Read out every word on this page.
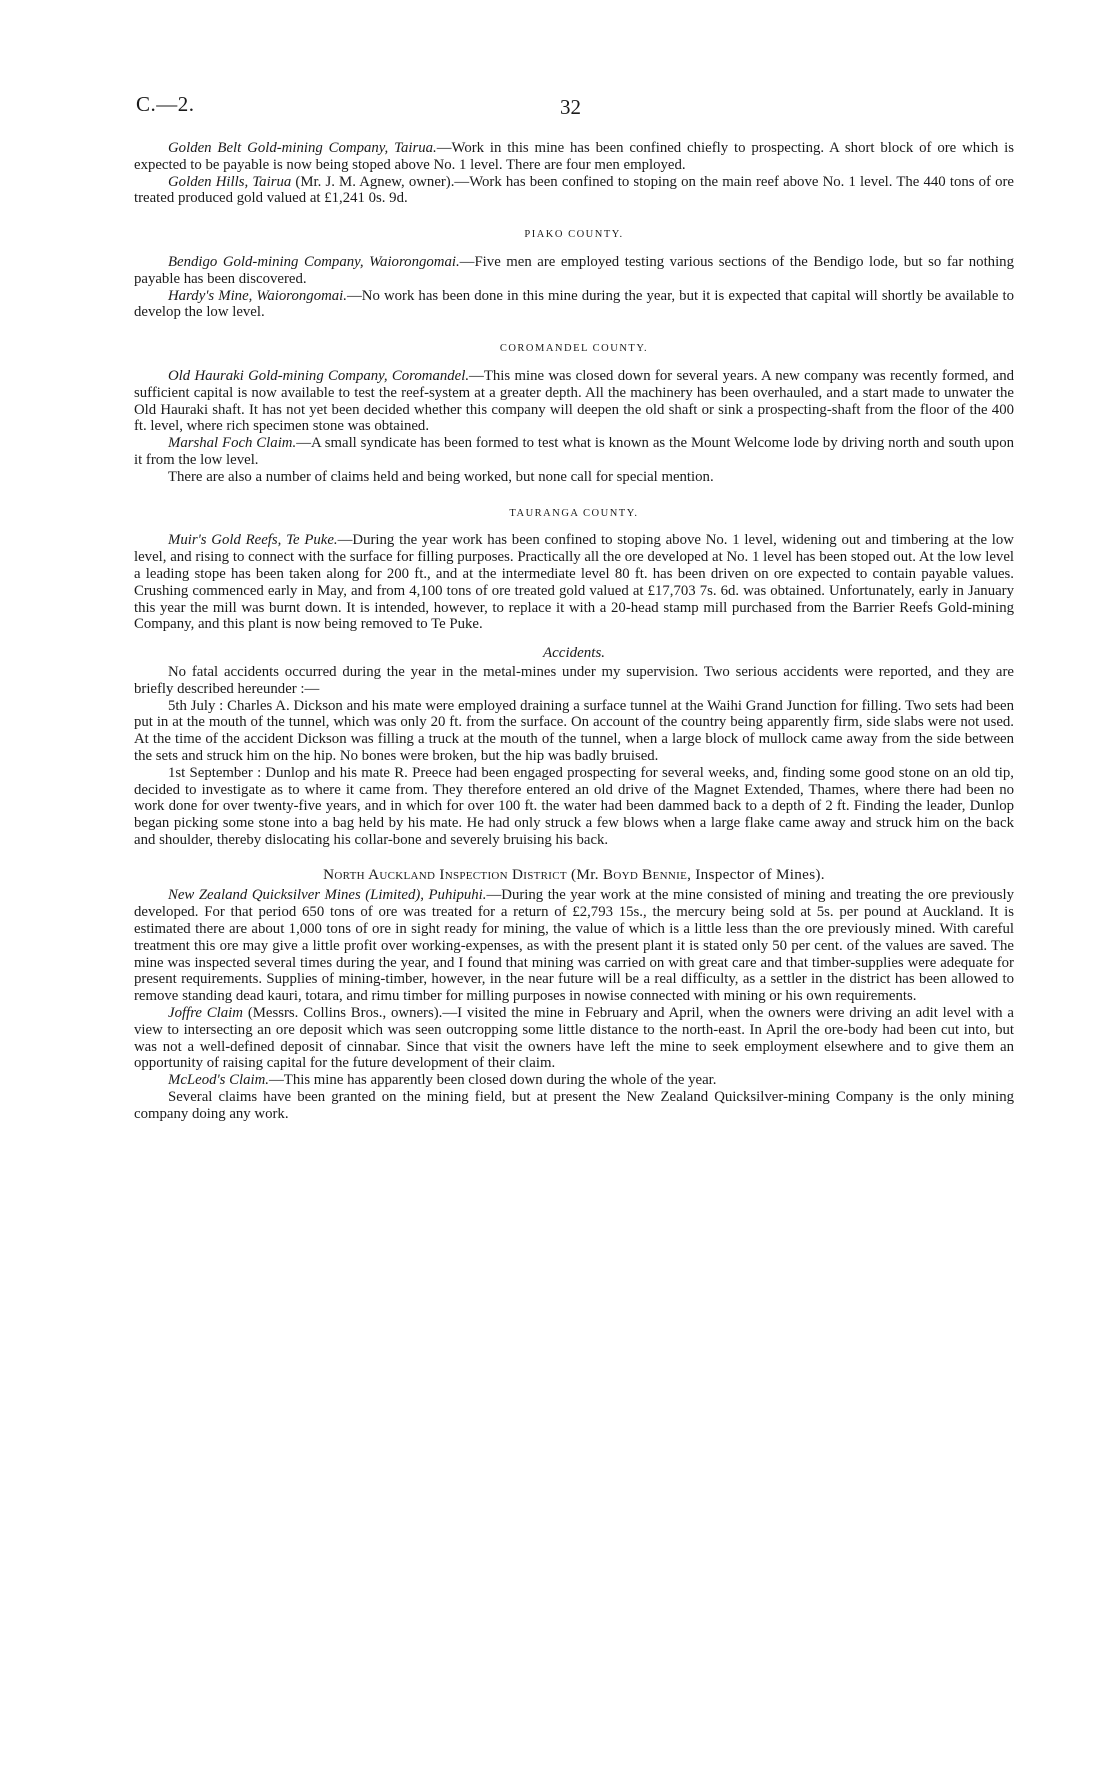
C.—2.	32

Golden Belt Gold-mining Company, Tairua.—Work in this mine has been confined chiefly to prospecting. A short block of ore which is expected to be payable is now being stoped above No. 1 level. There are four men employed.

Golden Hills, Tairua (Mr. J. M. Agnew, owner).—Work has been confined to stoping on the main reef above No. 1 level. The 440 tons of ore treated produced gold valued at £1,241 0s. 9d.

PIAKO COUNTY.

Bendigo Gold-mining Company, Waiorongomai.—Five men are employed testing various sections of the Bendigo lode, but so far nothing payable has been discovered.

Hardy's Mine, Waiorongomai.—No work has been done in this mine during the year, but it is expected that capital will shortly be available to develop the low level.

COROMANDEL COUNTY.

Old Hauraki Gold-mining Company, Coromandel.—This mine was closed down for several years. A new company was recently formed, and sufficient capital is now available to test the reef-system at a greater depth. All the machinery has been overhauled, and a start made to unwater the Old Hauraki shaft. It has not yet been decided whether this company will deepen the old shaft or sink a prospecting-shaft from the floor of the 400 ft. level, where rich specimen stone was obtained.

Marshal Foch Claim.—A small syndicate has been formed to test what is known as the Mount Welcome lode by driving north and south upon it from the low level.

There are also a number of claims held and being worked, but none call for special mention.

TAURANGA COUNTY.

Muir's Gold Reefs, Te Puke.—During the year work has been confined to stoping above No. 1 level, widening out and timbering at the low level, and rising to connect with the surface for filling purposes. Practically all the ore developed at No. 1 level has been stoped out. At the low level a leading stope has been taken along for 200 ft., and at the intermediate level 80 ft. has been driven on ore expected to contain payable values. Crushing commenced early in May, and from 4,100 tons of ore treated gold valued at £17,703 7s. 6d. was obtained. Unfortunately, early in January this year the mill was burnt down. It is intended, however, to replace it with a 20-head stamp mill purchased from the Barrier Reefs Gold-mining Company, and this plant is now being removed to Te Puke.

Accidents.

No fatal accidents occurred during the year in the metal-mines under my supervision. Two serious accidents were reported, and they are briefly described hereunder :—

5th July : Charles A. Dickson and his mate were employed draining a surface tunnel at the Waihi Grand Junction for filling. Two sets had been put in at the mouth of the tunnel, which was only 20 ft. from the surface. On account of the country being apparently firm, side slabs were not used. At the time of the accident Dickson was filling a truck at the mouth of the tunnel, when a large block of mullock came away from the side between the sets and struck him on the hip. No bones were broken, but the hip was badly bruised.

1st September : Dunlop and his mate R. Preece had been engaged prospecting for several weeks, and, finding some good stone on an old tip, decided to investigate as to where it came from. They therefore entered an old drive of the Magnet Extended, Thames, where there had been no work done for over twenty-five years, and in which for over 100 ft. the water had been dammed back to a depth of 2 ft. Finding the leader, Dunlop began picking some stone into a bag held by his mate. He had only struck a few blows when a large flake came away and struck him on the back and shoulder, thereby dislocating his collar-bone and severely bruising his back.

North Auckland Inspection District (Mr. Boyd Bennie, Inspector of Mines).

New Zealand Quicksilver Mines (Limited), Puhipuhi.—During the year work at the mine consisted of mining and treating the ore previously developed. For that period 650 tons of ore was treated for a return of £2,793 15s., the mercury being sold at 5s. per pound at Auckland. It is estimated there are about 1,000 tons of ore in sight ready for mining, the value of which is a little less than the ore previously mined. With careful treatment this ore may give a little profit over working-expenses, as with the present plant it is stated only 50 per cent. of the values are saved. The mine was inspected several times during the year, and I found that mining was carried on with great care and that timber-supplies were adequate for present requirements. Supplies of mining-timber, however, in the near future will be a real difficulty, as a settler in the district has been allowed to remove standing dead kauri, totara, and rimu timber for milling purposes in nowise connected with mining or his own requirements.

Joffre Claim (Messrs. Collins Bros., owners).—I visited the mine in February and April, when the owners were driving an adit level with a view to intersecting an ore deposit which was seen outcropping some little distance to the north-east. In April the ore-body had been cut into, but was not a well-defined deposit of cinnabar. Since that visit the owners have left the mine to seek employment elsewhere and to give them an opportunity of raising capital for the future development of their claim.

McLeod's Claim.—This mine has apparently been closed down during the whole of the year.

Several claims have been granted on the mining field, but at present the New Zealand Quicksilver-mining Company is the only mining company doing any work.
